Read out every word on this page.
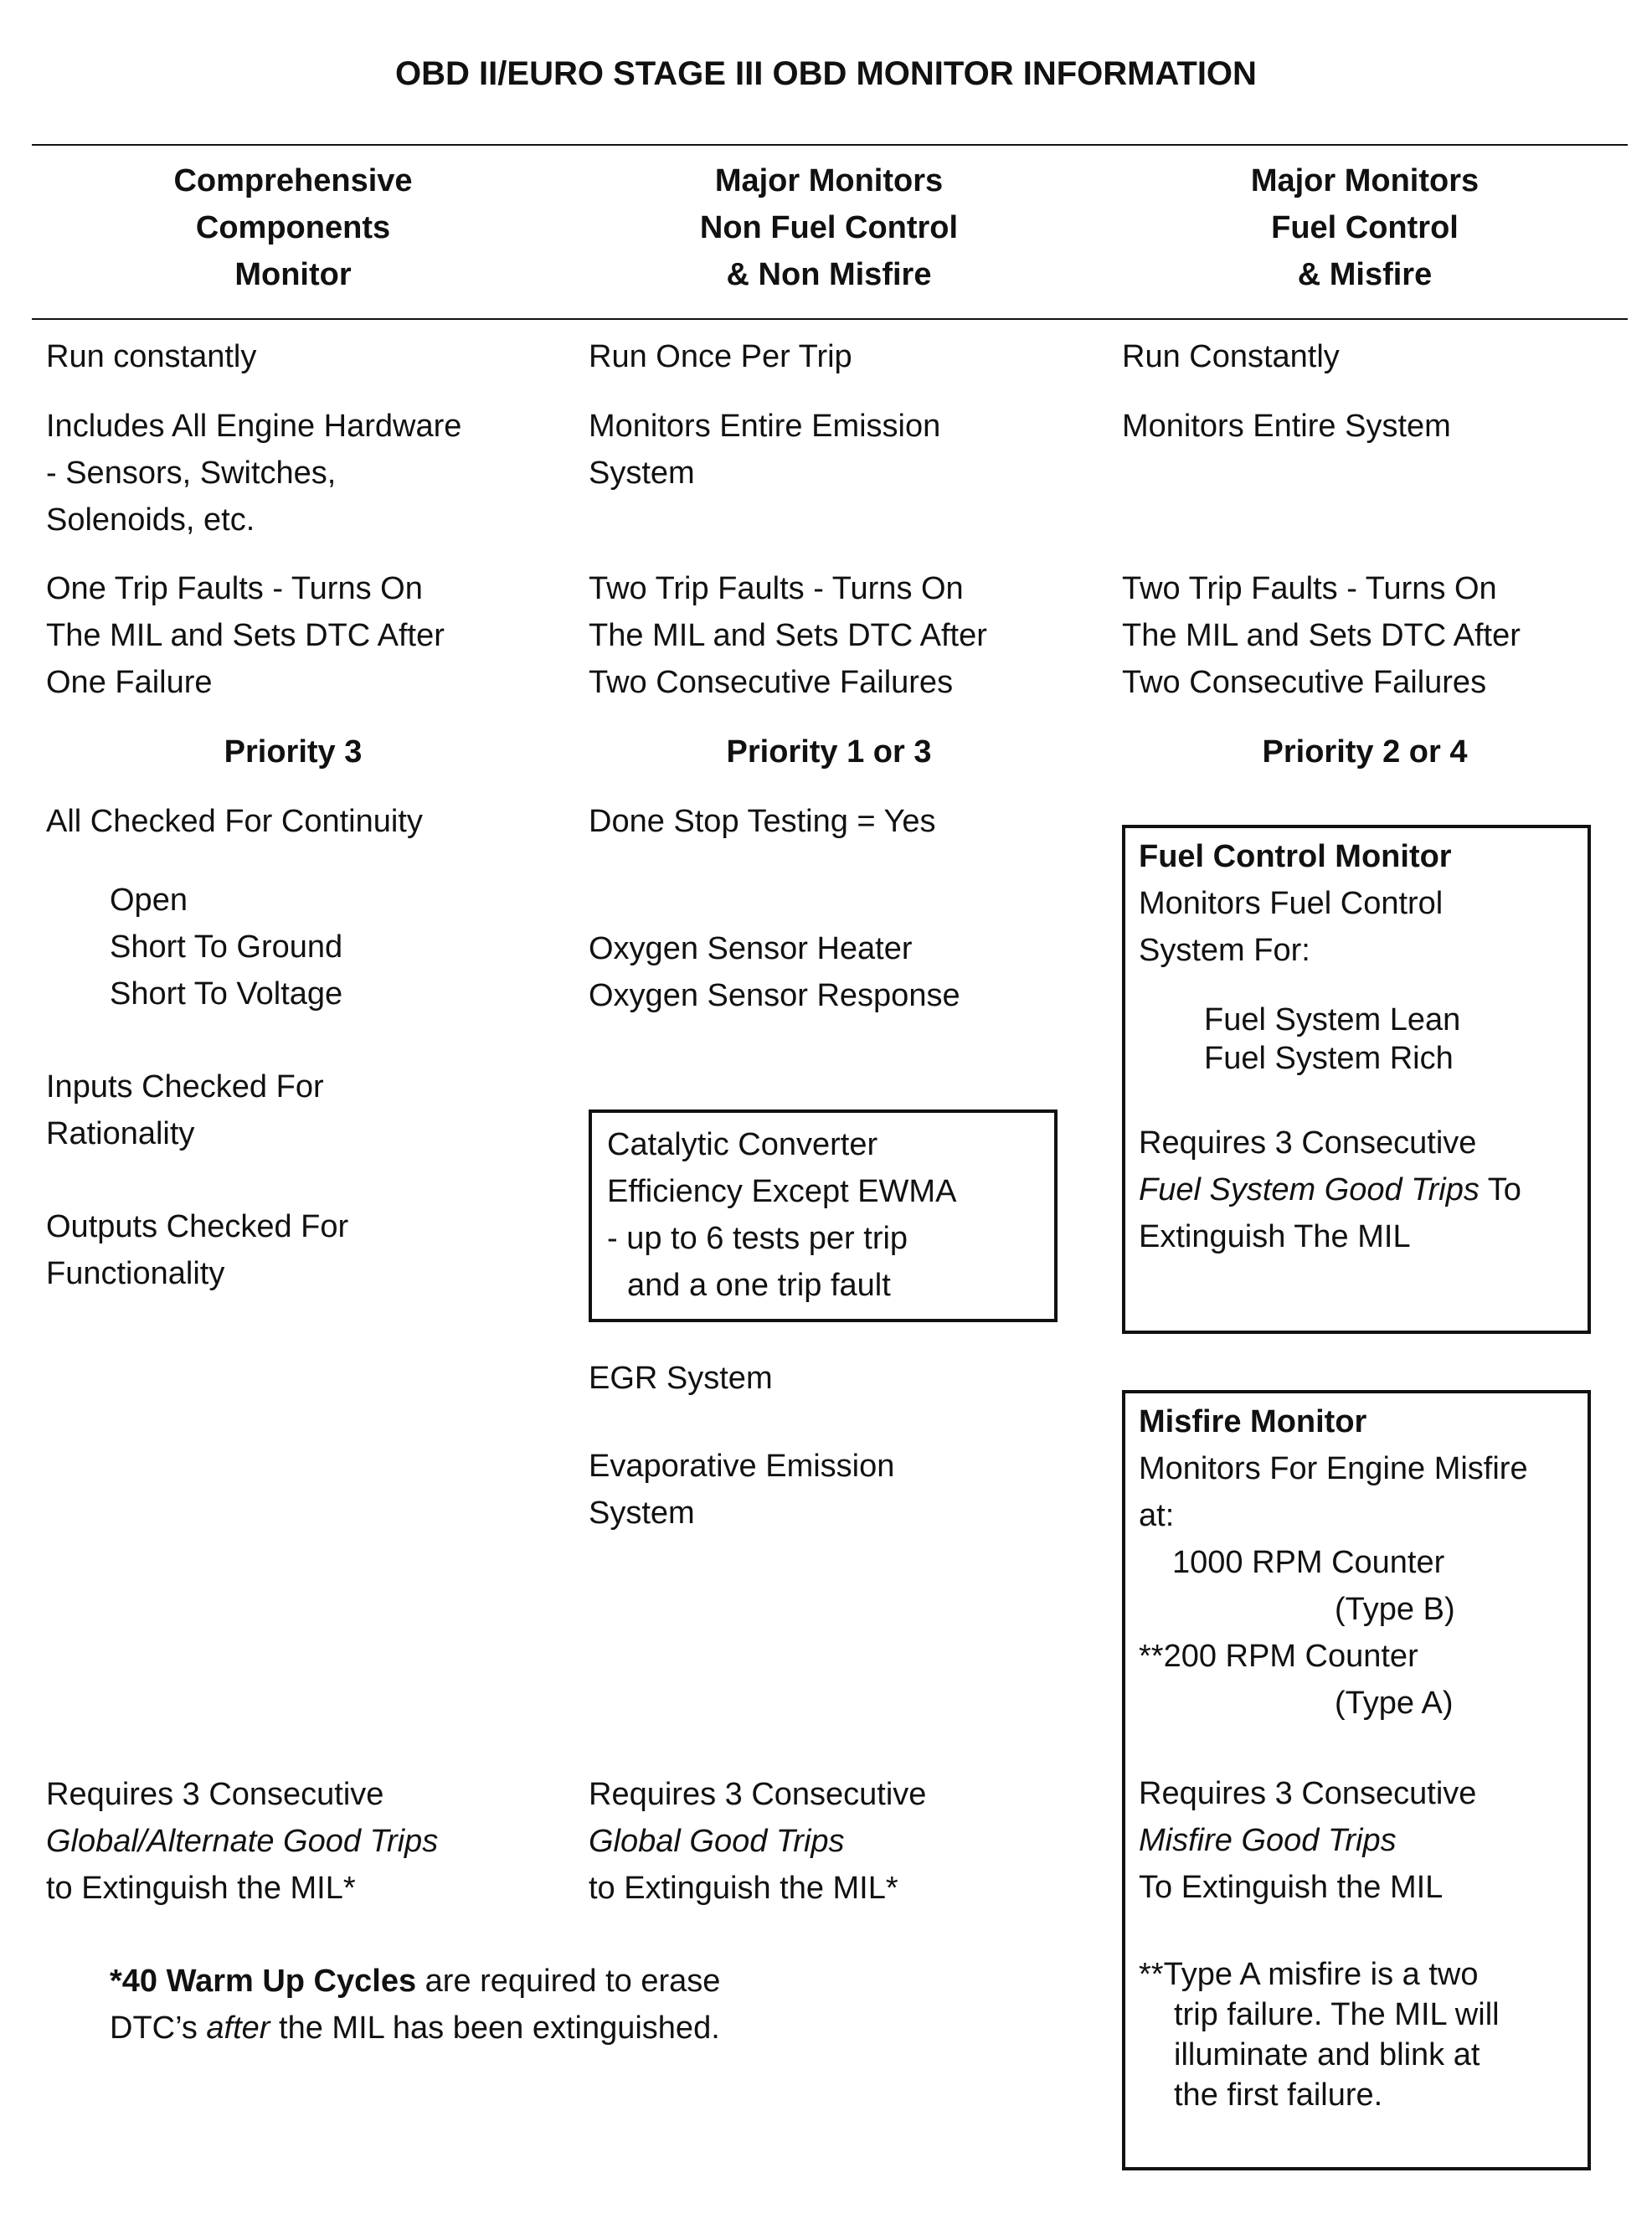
OBD II/EURO STAGE III OBD MONITOR INFORMATION
Comprehensive
Components
Monitor
Major Monitors
Non Fuel Control
& Non Misfire
Major Monitors
Fuel Control
& Misfire
Run constantly
Includes All Engine Hardware
- Sensors, Switches,
Solenoids, etc.
One Trip Faults - Turns On
The MIL and Sets DTC After
One Failure
Priority 3
All Checked For Continuity
Open
Short To Ground
Short To Voltage
Inputs Checked For
Rationality
Outputs Checked For
Functionality
Requires 3 Consecutive
Global/Alternate Good Trips
to Extinguish the MIL*
Run Once Per Trip
Monitors Entire Emission
System
Two Trip Faults - Turns On
The MIL and Sets DTC After
Two Consecutive Failures
Priority 1 or 3
Done Stop Testing = Yes
Oxygen Sensor Heater
Oxygen Sensor Response
Catalytic Converter
Efficiency Except EWMA
- up to 6 tests per trip
and a one trip fault
EGR System
Evaporative Emission
System
Requires 3 Consecutive
Global Good Trips
to Extinguish the MIL*
Run Constantly
Monitors Entire System
Two Trip Faults - Turns On
The MIL and Sets DTC After
Two Consecutive Failures
Priority 2 or 4
Fuel Control Monitor
Monitors Fuel Control
System For:
Fuel System Lean
Fuel System Rich
Requires 3 Consecutive
Fuel System Good Trips To
Extinguish The MIL
Misfire Monitor
Monitors For Engine Misfire
at:
1000 RPM Counter
(Type B)
**200 RPM Counter
(Type A)
Requires 3 Consecutive
Misfire Good Trips
To Extinguish the MIL
**Type A misfire is a two
trip failure. The MIL will
illuminate and blink at
the first failure.
*40 Warm Up Cycles are required to erase
DTC’s after the MIL has been extinguished.
